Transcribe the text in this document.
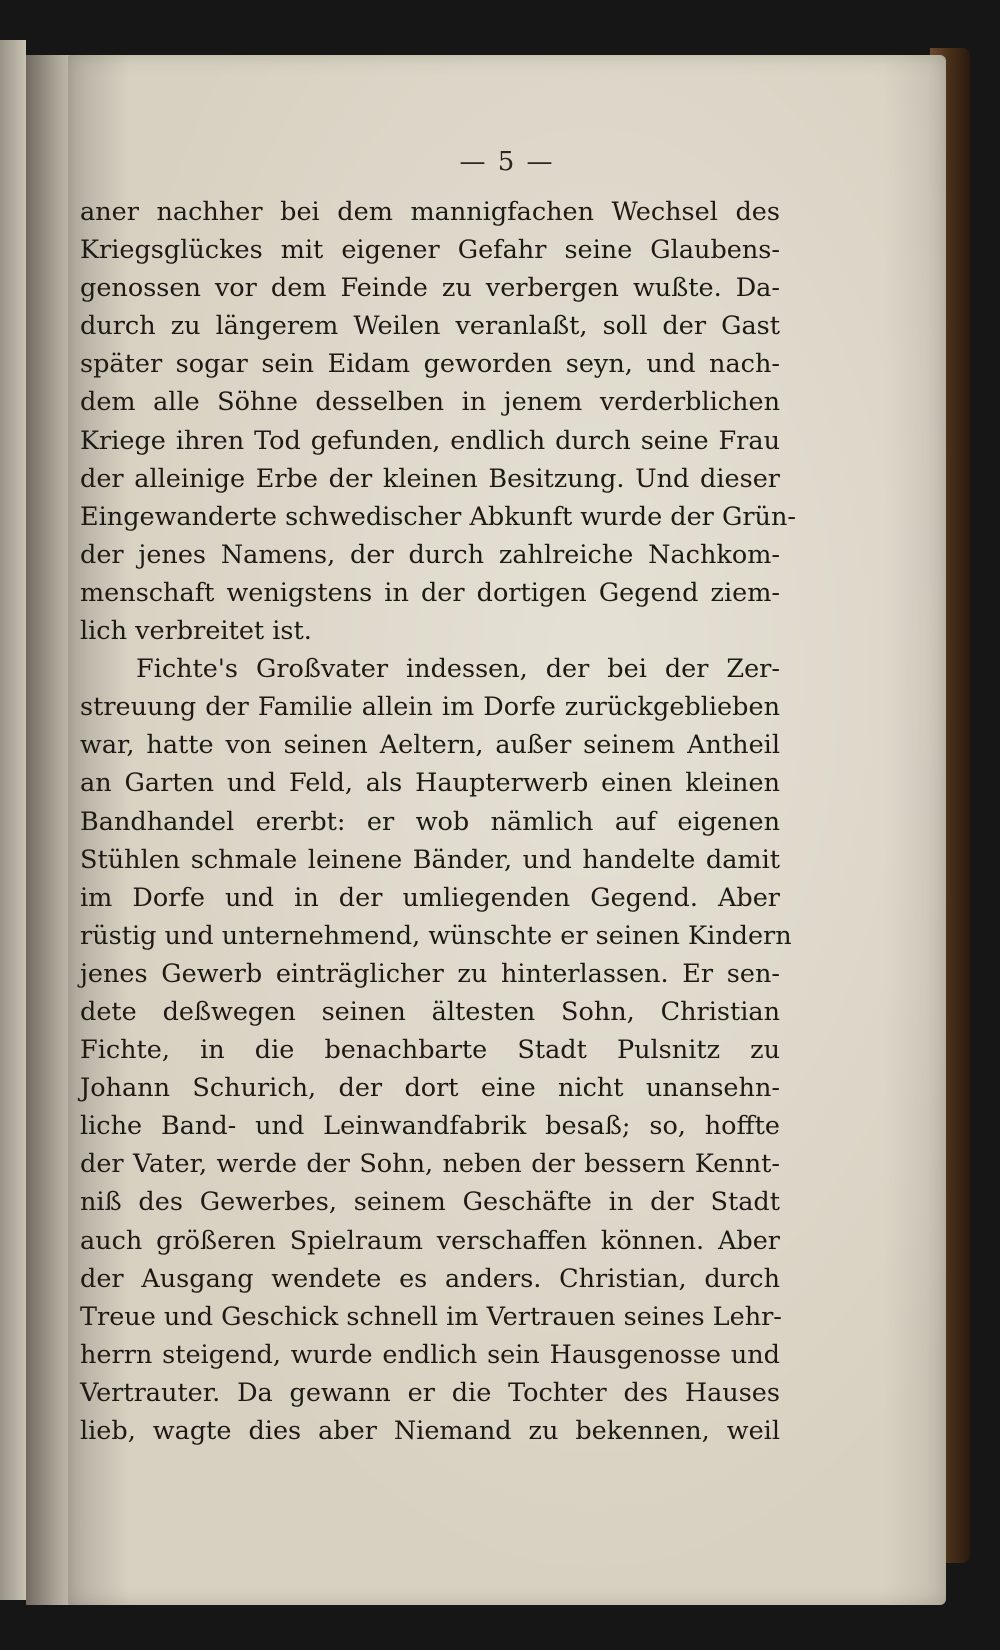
— 5 —
aner nachher bei dem mannigfachen Wechsel des
Kriegsglückes mit eigener Gefahr seine Glaubens-
genossen vor dem Feinde zu verbergen wußte. Da-
durch zu längerem Weilen veranlaßt, soll der Gast
später sogar sein Eidam geworden seyn, und nach-
dem alle Söhne desselben in jenem verderblichen
Kriege ihren Tod gefunden, endlich durch seine Frau
der alleinige Erbe der kleinen Besitzung. Und dieser
Eingewanderte schwedischer Abkunft wurde der Grün-
der jenes Namens, der durch zahlreiche Nachkom-
menschaft wenigstens in der dortigen Gegend ziem-
lich verbreitet ist.
Fichte's Großvater indessen, der bei der Zer-
streuung der Familie allein im Dorfe zurückgeblieben
war, hatte von seinen Aeltern, außer seinem Antheil
an Garten und Feld, als Haupterwerb einen kleinen
Bandhandel ererbt: er wob nämlich auf eigenen
Stühlen schmale leinene Bänder, und handelte damit
im Dorfe und in der umliegenden Gegend. Aber
rüstig und unternehmend, wünschte er seinen Kindern
jenes Gewerb einträglicher zu hinterlassen. Er sen-
dete deßwegen seinen ältesten Sohn, Christian
Fichte, in die benachbarte Stadt Pulsnitz zu
Johann Schurich, der dort eine nicht unansehn-
liche Band- und Leinwandfabrik besaß; so, hoffte
der Vater, werde der Sohn, neben der bessern Kennt-
niß des Gewerbes, seinem Geschäfte in der Stadt
auch größeren Spielraum verschaffen können. Aber
der Ausgang wendete es anders. Christian, durch
Treue und Geschick schnell im Vertrauen seines Lehr-
herrn steigend, wurde endlich sein Hausgenosse und
Vertrauter. Da gewann er die Tochter des Hauses
lieb, wagte dies aber Niemand zu bekennen, weil
